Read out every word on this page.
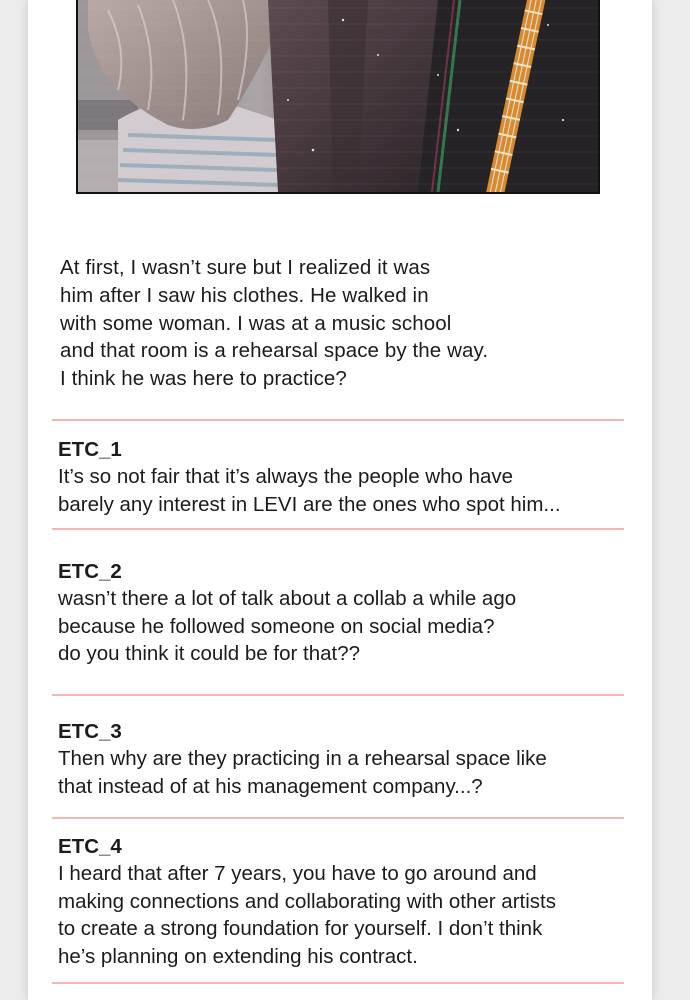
At first, I wasn’t sure but I realized it was
him after I saw his clothes. He walked in
with some woman. I was at a music school
and that room is a rehearsal space by the way.
I think he was here to practice?
ETC_1
It’s so not fair that it’s always the people who have
barely any interest in LEVI are the ones who spot him...
ETC_2
wasn’t there a lot of talk about a collab a while ago
because he followed someone on social media?
do you think it could be for that??
ETC_3
Then why are they practicing in a rehearsal space like
that instead of at his management company...?
ETC_4
I heard that after 7 years, you have to go around and
making connections and collaborating with other artists
to create a strong foundation for yourself. I don’t think
he’s planning on extending his contract.
